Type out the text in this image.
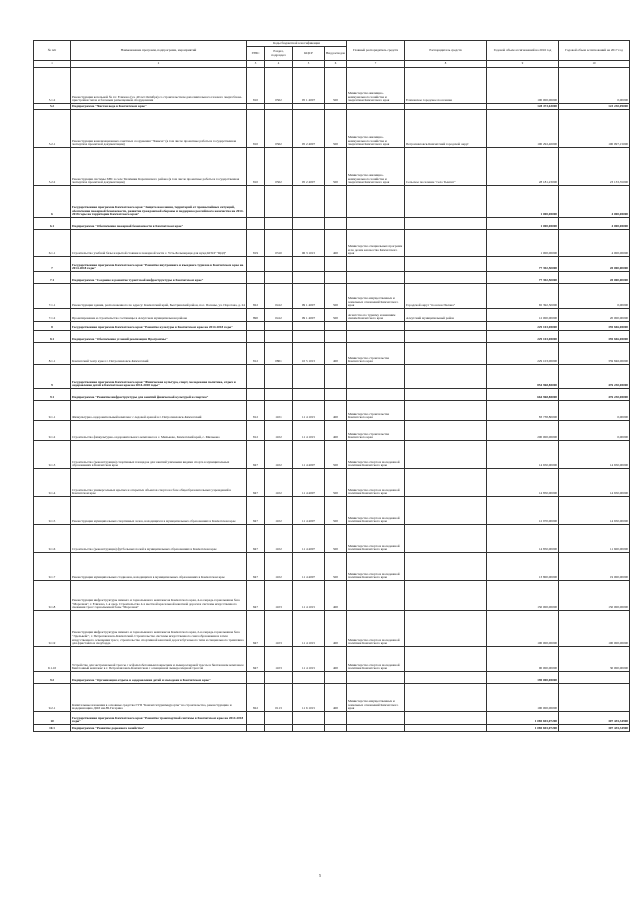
№ п/п	Наименование программ, подпрограмм, мероприятий	Коды бюджетной классификации				Главный распорядитель средств	Распорядитель средств	Годовой объем ассигнований на 2016 год	Годовой объем ассигнований на 2017 год
		ГРБС	Раздел, подраздел	КЦСР	Вид расходов				
1	2	3	4	5	6	7	8	9	10
5.1.2	Реконструкция котельной № 4 г. Елизово (ул. 40 лет Октября) со строительством дополнительного газового энергоблока-пристройки тепла и блочным размещением оборудования	810	0502	05 1 4007	500	Министерство жилищно-коммунального хозяйства и энергетики Камчатского края	Елизовское городское поселение	100 000,00000	0,00000
5.2	Подпрограмма "Чистая вода в Камчатском крае"							128 473,63000	123 230,09000
5.2.1	Реконструкция канализационных очистных сооружения "Чавыча" (в том числе проектные работы и государственная экспертиза проектной документации)	810	0502	05 2 4007	500	Министерство жилищно-коммунального хозяйства и энергетики Камчатского края	Петропавловск-Камчатский городской округ	100 292,40000	100 097,15000
5.2.2	Реконструкция системы ХВС в селе Тиличики Карагинского района (в том числе проектные работы и государственная экспертиза проектной документации)	810	0502	05 2 4007	500	Министерство жилищно-коммунального хозяйства и энергетики Камчатского края	Сельское поселение "село Тымлат"	28 181,23000	23 133,35000
6	Государственная программа Камчатского края "Защита населения, территорий от чрезвычайных ситуаций, обеспечение пожарной безопасности, развитие гражданской обороны и поддержка российского казачества на 2014-2018 годы на территории Камчатского края"							1 000,00000	4 000,00000
6.1	Подпрограмма "Обеспечение пожарной безопасности в Камчатском крае"							1 000,00000	4 000,00000
6.1.1	Строительство учебной базы и крытой стоянки в пожарной части с. Усть-Большерецк для нужд КГКУ "ЦОД"	819	0310	06 3 1015	400	Министерство специальных программ и по делам казачества Камчатского края		1 000,00000	4 000,00000
7	Государственная программа Камчатского края "Развитие внутреннего и въездного туризма в Камчатском крае на 2014-2018 годы"							77 392,50000	20 000,00000
7.1	Подпрограмма "Создание и развитие туристской инфраструктуры в Камчатском крае"							77 392,50000	20 000,00000
7.1.1	Реконструкция здания, расположенного по адресу: Камчатский край, Быстринский район, пос. Паланы, ул. Поротова, д. 24	822	0412	09 1 4007	500	Министерство имущественных и земельных отношений Камчатского края	Городской округ "поселок Палана"	65 392,50000	0,00000
7.1.2	Проектирование и строительство гостиницы в Алеутском муниципальном районе	890	0412	09 1 4007	500	Агентство по туризму и внешним связям Камчатского края	Алеутский муниципальный район	12 000,00000	20 000,00000
8	Государственная программа Камчатского края "Развитие культуры в Камчатском крае на 2014-2018 годы"							229 103,00000	359 846,00000
8.1	Подпрограмма "Обеспечение условий реализации Программы"							229 103,00000	359 846,00000
8.1.1	Камчатский театр кукол г. Петропавловск-Камчатский	812	0801	10 5 1015	400	Министерство строительства Камчатского края		229 103,00000	359 846,00000
9	Государственная программа Камчатского края "Физическая культура, спорт, молодежная политика, отдых и оздоровление детей в Камчатском крае на 2014-2018 годы"							854 968,80000	476 230,00000
9.1	Подпрограмма "Развитие инфраструктуры для занятий физической культурой и спортом"							664 968,80000	476 230,00000
9.1.1	Физкультурно-оздоровительный комплекс с ледовой ареной в г. Петропавловск-Камчатский	812	1101	11 4 1015	400	Министерство строительства Камчатского края		83 738,80000	0,00000
9.1.2	Строительство физкультурно-оздоровительного комплекса в с. Мильково, Камчатский край, с. Мильково	812	1102	11 4 1015	400	Министерство строительства Камчатского края		200 000,00000	0,00000
9.1.3	Строительство (реконструкция) спортивных площадок для занятий уличными видами спорта в муниципальных образованиях в Камчатском крае	847	1102	11 4 4007	500	Министерство спорта и молодежной политики Камчатского края		14 650,00000	14 650,00000
9.1.4	Строительство универсальных крытых и открытых объектов спорта на базе общеобразовательных учреждений в Камчатском крае	847	1102	11 4 4007	500	Министерство спорта и молодежной политики Камчатского края		14 850,00000	14 650,00000
9.1.5	Реконструкция муниципальных спортивных залов, находящихся в муниципальных образованиях в Камчатском крае	847	1102	11 4 4007	500	Министерство спорта и молодежной политики Камчатского края		12 970,00000	14 650,00000
9.1.6	Строительство (реконструкция) футбольных полей в муниципальных образованиях в Камчатском крае	847	1102	11 4 4007	500	Министерство спорта и молодежной политики Камчатского края		14 850,00000	11 600,00000
9.1.7	Реконструкция муниципальных стадионов, находящихся в муниципальных образованиях в Камчатском крае	847	1102	11 4 4007	500	Министерство спорта и молодежной политики Камчатского края		13 800,00000	19 000,00000
9.1.8	Реконструкция инфраструктуры зимнего и горнолыжного комплексов Камчатского края, 4-я очередь горнолыжная база "Морозная", г. Елизово, 1-я очер. Строительство 4-х местной кресельной канатной дороги и системы искусственного снежения трасс горнолыжной базы "Морозная"	847	1103	11 4 1015	400			150 000,00000	150 000,00000
9.1.9	Реконструкция инфраструктуры зимнего и горнолыжного комплексов Камчатского края, 2-я очередь горнолыжная база "Эдельвейс", г. Петропавловск-Камчатский. Строительство системы искусственного снегообразования и затем искусственного освещения трасс, строительство спортивной канатной дороги бугельного типа и специального трамплина для фристайла и сноуборда	847	1103	11 4 1015	400	Министерство спорта и молодежной политики Камчатского края		100 000,00000	100 000,00000
9.1.10	Устройство для экстремальной трассы с асфальтобетонным покрытием и лыжероллерной трассы в биатлонном комплексе Биатлонный комплекс в г. Петропавловск-Камчатском с освещенной лыжероллерной трассой	847	1103	11 4 1015	400	Министерство спорта и молодежной политики Камчатского края		90 000,00000	30 000,00000
9.2	Подпрограмма "Организация отдыха и оздоровления детей и молодежи в Камчатском крае"							190 000,00000	
9.2.1	Капитальные вложения в основные средства ГУП "Камчатсктуризмкурорты" на строительство, реконструкцию и модернизацию ДОЛ им.Ю.Гагарина	822	0113	11 6 1015	400	Министерство имущественных и земельных отношений Камчатского края		190 000,00000	
10	Государственная программа Камчатского края "Развитие транспортной системы в Камчатском крае на 2014-2018 годы"							1 085 693,07200	307 435,34900
10.1	Подпрограмма "Развитие дорожного хозяйства"							1 085 693,07200	307 435,34900
5
